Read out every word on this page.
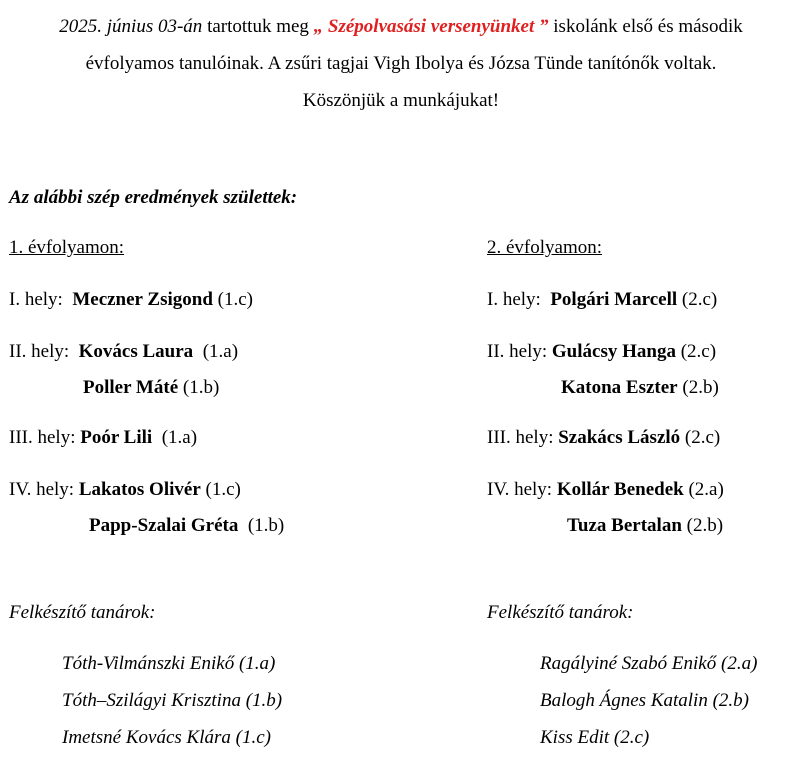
2025. június 03-án tartottuk meg „ Szépolvasási versenyünket ” iskolánk első és második
évfolyamos tanulóinak. A zsűri tagjai Vigh Ibolya és Józsa Tünde tanítónők voltak.
Köszönjük a munkájukat!
Az alábbi szép eredmények születtek:
1. évfolyamon:
I. hely: Meczner Zsigond (1.c)
II. hely: Kovács Laura (1.a)
Poller Máté (1.b)
III. hely: Poór Lili (1.a)
IV. hely: Lakatos Olivér (1.c)
Papp-Szalai Gréta (1.b)
Felkészítő tanárok:
Tóth-Vilmánszki Enikő (1.a)
Tóth–Szilágyi Krisztina (1.b)
Imetsné Kovács Klára (1.c)
2. évfolyamon:
I. hely: Polgári Marcell (2.c)
II. hely: Gulácsy Hanga (2.c)
Katona Eszter (2.b)
III. hely: Szakács László (2.c)
IV. hely: Kollár Benedek (2.a)
Tuza Bertalan (2.b)
Felkészítő tanárok:
Ragályiné Szabó Enikő (2.a)
Balogh Ágnes Katalin (2.b)
Kiss Edit (2.c)
